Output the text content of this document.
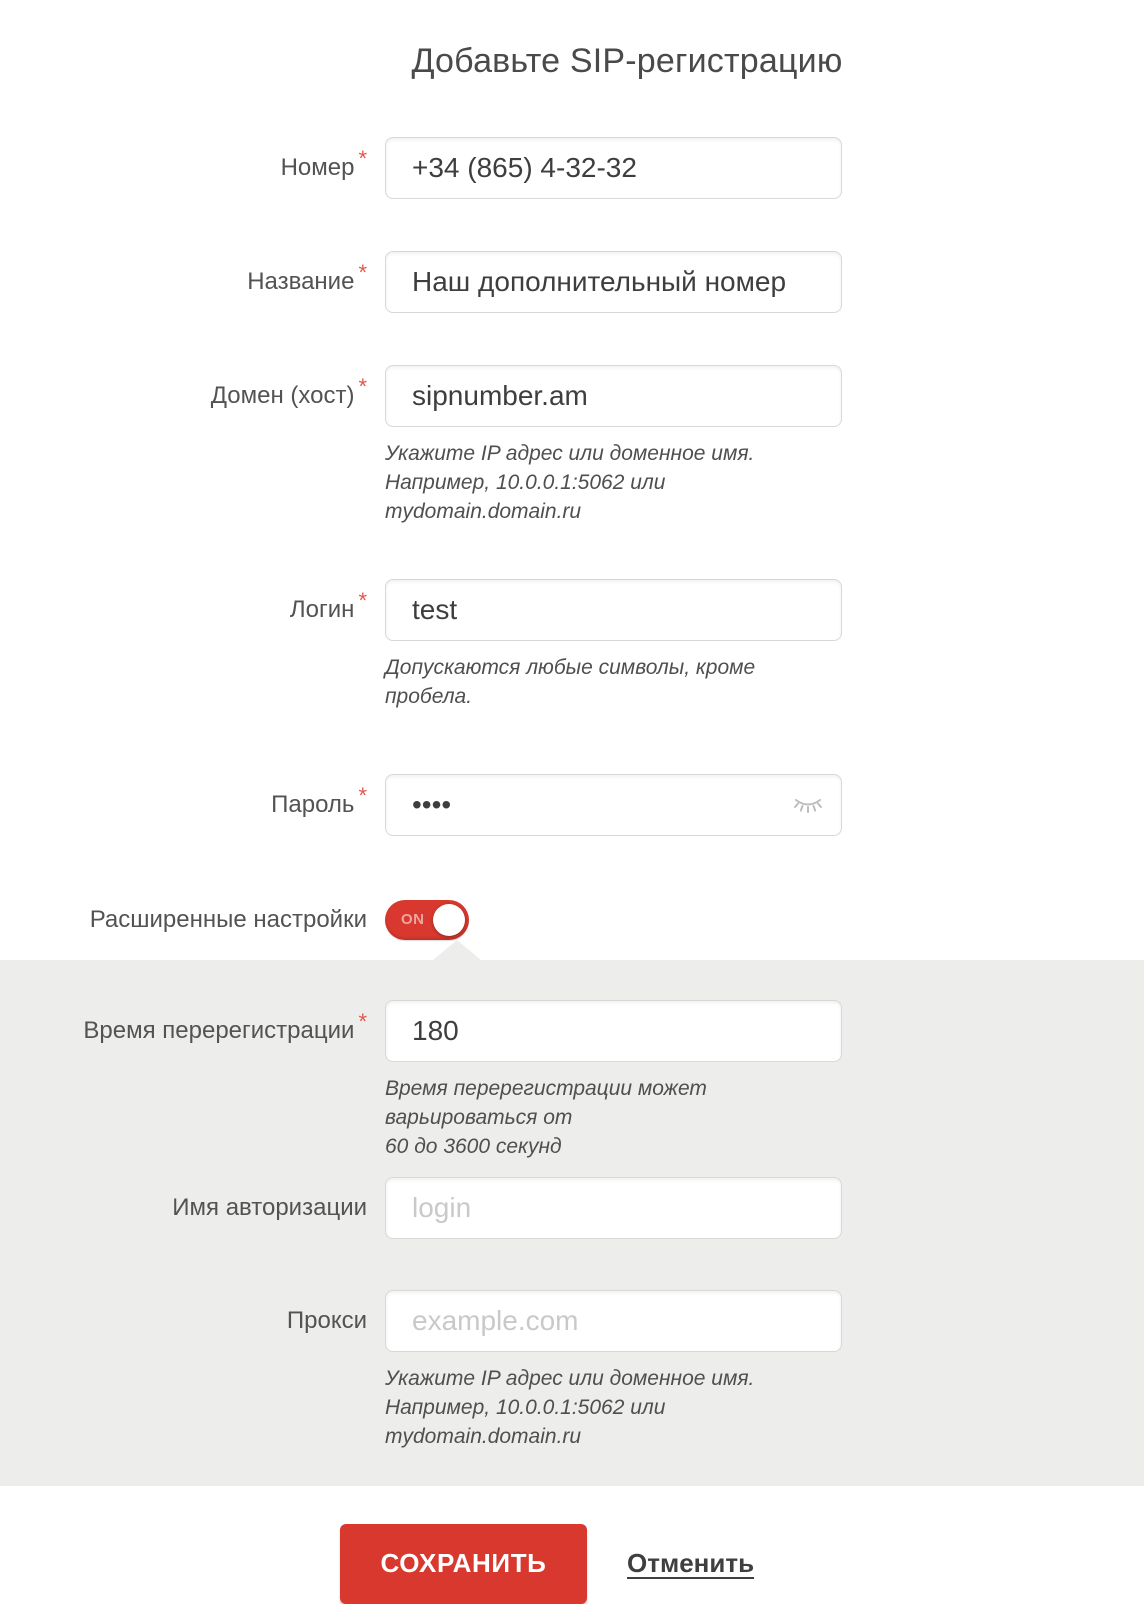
Добавьте SIP-регистрацию
Номер *
+34 (865) 4-32-32
Название *
Наш дополнительный номер
Домен (хост) *
sipnumber.am
Укажите IP адрес или доменное имя.
Например, 10.0.0.1:5062 или mydomain.domain.ru
Логин *
test
Допускаются любые символы, кроме пробела.
Пароль *
••••
Расширенные настройки	ON
Время перерегистрации *
180
Время перерегистрации может варьироваться от
60 до 3600 секунд
Имя авторизации
login
Прокси
example.com
Укажите IP адрес или доменное имя.
Например, 10.0.0.1:5062 или mydomain.domain.ru
СОХРАНИТЬ	Отменить
